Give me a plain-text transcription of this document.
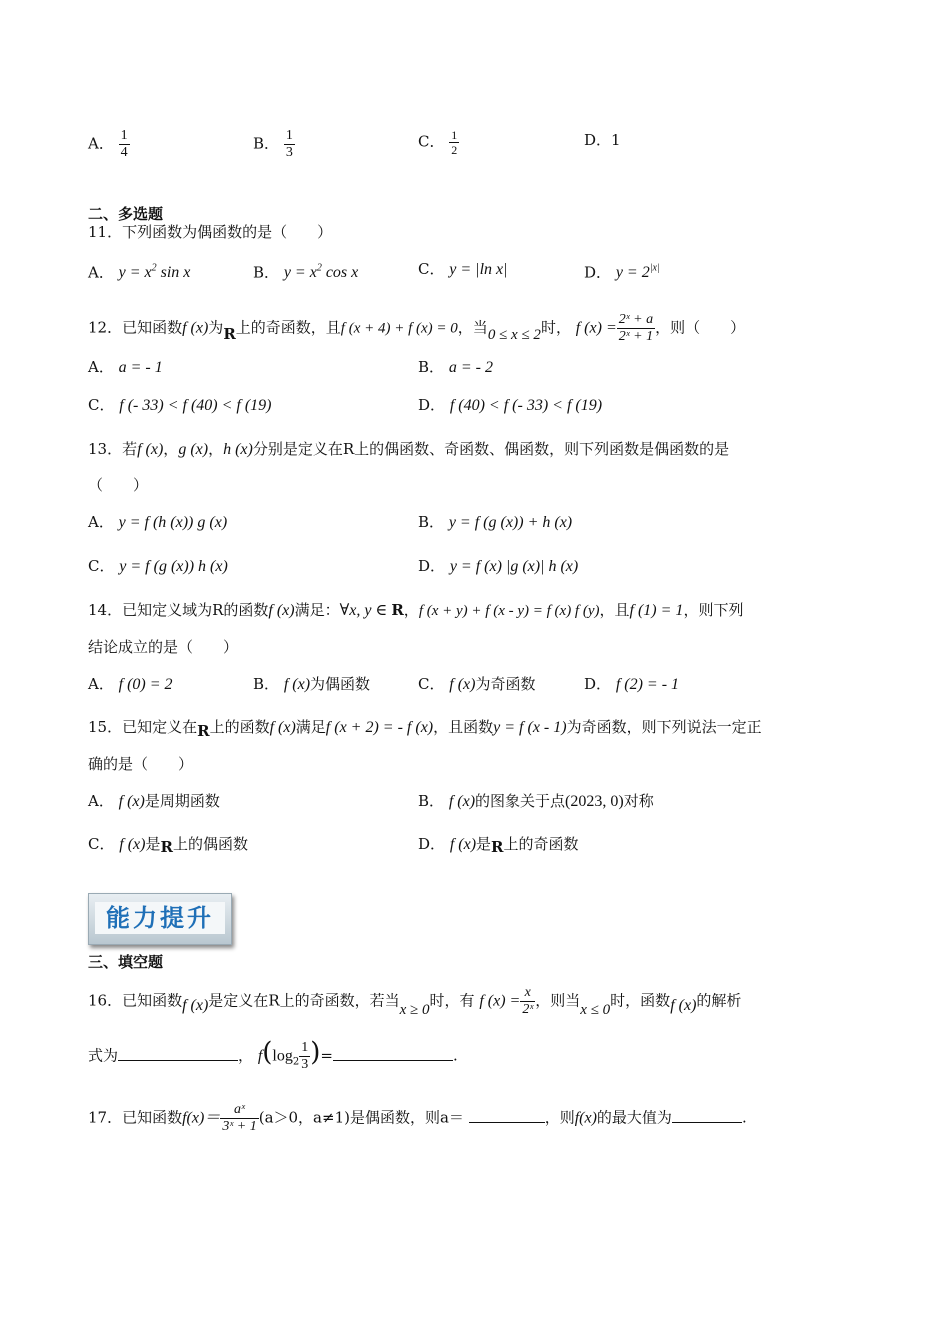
A． $\frac{1}{4}$	B． $\frac{1}{3}$	C． $\frac{1}{2}$	D．1
二、多选题
11．下列函数为偶函数的是（　　）
A． $y = x^2$ sin x	B． $y = x^2$ cos x	C． y = |ln x|	D． $y = 2^{|x|}$
12．已知函数f (x)为R上的奇函数，且f (x + 4) + f (x) = 0，当0 ≤ x ≤ 2时， f $(x) = \frac{\text{2ˣ + a}}{\text{2ˣ + 1}}$ ，则（　　）
A． a = - 1	B． a = - 2
C． f (- 33) < f (40) < f (19)	D． f (40) < f (- 33) < f (19)
13．若f (x)，g (x)，h (x)分别是定义在R上的偶函数、奇函数、偶函数，则下列函数是偶函数的是
（　　）
A． y = f (h (x)) g (x)	B． y = f (g (x)) + h (x)
C． y = f (g (x)) h (x)	D． y = f (x) |g (x)| h (x)
14．已知定义域为R的函数f (x)满足：∀x, y ∈ R，f (x + y) + f (x - y) = f (x) f (y)，且f (1) = 1，则下列
结论成立的是（　　）
A． f (0) = 2	B． f (x)为偶函数	C． f (x)为奇函数	D． f (2) = - 1
15．已知定义在R上的函数f (x)满足f (x + 2) = - f (x)，且函数y = f (x - 1)为奇函数，则下列说法一定正
确的是（　　）
A． f (x)是周期函数	B． f (x)的图象关于点(2023, 0)对称
C． f (x)是R上的偶函数	D． f (x)是R上的奇函数
能力提升
三、填空题
16．已知函数f (x)是定义在R上的奇函数，若当x ≥ 0时，有 f $(x) = \frac{x}{\text{2ˣ}}$ ，则当x ≤ 0时，函数f (x)的解析
式为	， $f(\log_2 \frac{1}{3}$ )=	.
17．已知函数$f(x)= \frac{\text{aˣ}}{\text{3ˣ + 1}} (a>0$，a≠1)是偶函数，则a＝	，则f(x)的最大值为	.
